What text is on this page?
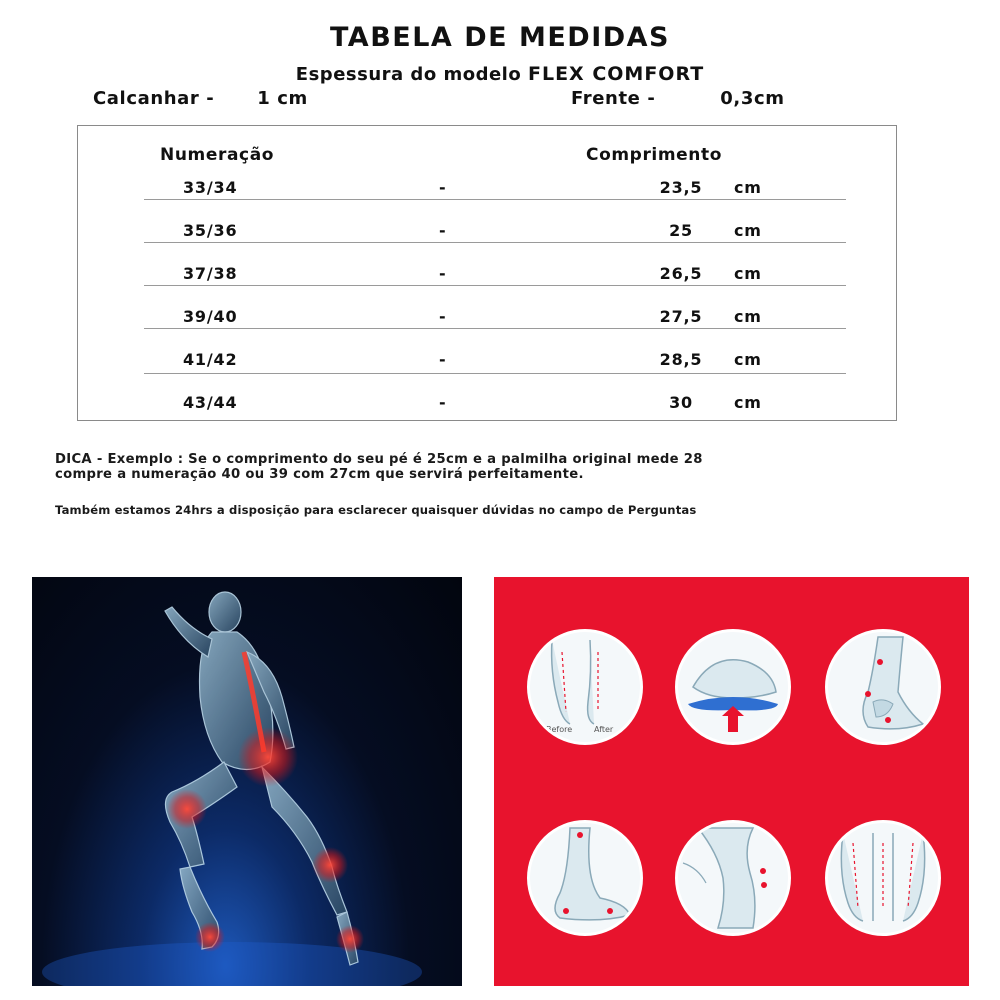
TABELA DE MEDIDAS
Espessura do modelo FLEX COMFORT
Calcanhar - 1 cm	Frente -	0,3cm
Numeração	Comprimento
33/34	-	23,5	cm
35/36	-	25	cm
37/38	-	26,5	cm
39/40	-	27,5	cm
41/42	-	28,5	cm
43/44	-	30	cm
DICA - Exemplo : Se o comprimento do seu pé é 25cm e a palmilha original mede 28
compre a numeração 40 ou 39 com 27cm que servirá perfeitamente.
Também estamos 24hrs a disposição para esclarecer quaisquer dúvidas no campo de Perguntas
Before	After
